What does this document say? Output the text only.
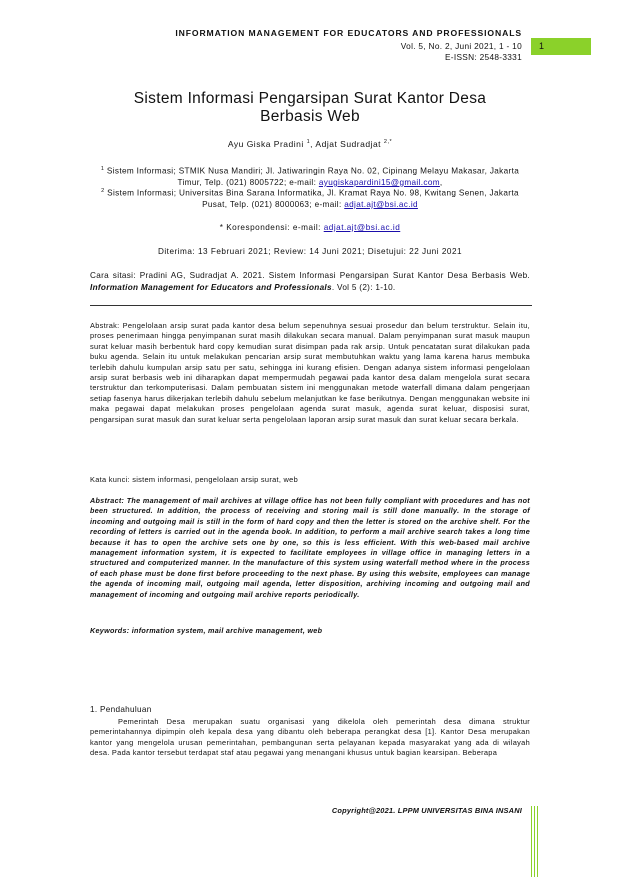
INFORMATION MANAGEMENT FOR EDUCATORS AND PROFESSIONALS
Vol. 5, No. 2, Juni 2021, 1 - 10
E-ISSN: 2548-3331
1
Sistem Informasi Pengarsipan Surat Kantor Desa
Berbasis Web
Ayu Giska Pradini $^1$, Adjat Sudradjat $^{2,*}$
$^1$ Sistem Informasi; STMIK Nusa Mandiri; Jl. Jatiwaringin Raya No. 02, Cipinang Melayu Makasar, Jakarta Timur, Telp. (021) 8005722; e-mail: ayugiskapardini15@gmail.com,
$^2$ Sistem Informasi; Universitas Bina Sarana Informatika, Jl. Kramat Raya No. 98, Kwitang Senen, Jakarta Pusat, Telp. (021) 8000063; e-mail: adjat.ajt@bsi.ac.id
* Korespondensi: e-mail: adjat.ajt@bsi.ac.id
Diterima: 13 Februari 2021; Review: 14 Juni 2021; Disetujui: 22 Juni 2021
Cara sitasi: Pradini AG, Sudradjat A. 2021. Sistem Informasi Pengarsipan Surat Kantor Desa Berbasis Web. Information Management for Educators and Professionals. Vol 5 (2): 1-10.
Abstrak: Pengelolaan arsip surat pada kantor desa belum sepenuhnya sesuai prosedur dan belum terstruktur. Selain itu, proses penerimaan hingga penyimpanan surat masih dilakukan secara manual. Dalam penyimpanan surat masuk maupun surat keluar masih berbentuk hard copy kemudian surat disimpan pada rak arsip. Untuk pencatatan surat dilakukan pada buku agenda. Selain itu untuk melakukan pencarian arsip surat membutuhkan waktu yang lama karena harus membuka terlebih dahulu kumpulan arsip satu per satu, sehingga ini kurang efisien. Dengan adanya sistem informasi pengelolaan arsip surat berbasis web ini diharapkan dapat mempermudah pegawai pada kantor desa dalam mengelola surat secara terstruktur dan terkomputerisasi. Dalam pembuatan sistem ini menggunakan metode waterfall dimana dalam pengerjaan setiap fasenya harus dikerjakan terlebih dahulu sebelum melanjutkan ke fase berikutnya. Dengan menggunakan website ini maka pegawai dapat melakukan proses pengelolaan agenda surat masuk, agenda surat keluar, disposisi surat, pengarsipan surat masuk dan surat keluar serta pengelolaan laporan arsip surat masuk dan surat keluar secara berkala.
Kata kunci: sistem informasi, pengelolaan arsip surat, web
Abstract: The management of mail archives at village office has not been fully compliant with procedures and has not been structured. In addition, the process of receiving and storing mail is still done manually. In the storage of incoming and outgoing mail is still in the form of hard copy and then the letter is stored on the archive shelf. For the recording of letters is carried out in the agenda book. In addition, to perform a mail archive search takes a long time because it has to open the archive sets one by one, so this is less efficient. With this web-based mail archive management information system, it is expected to facilitate employees in village office in managing letters in a structured and computerized manner. In the manufacture of this system using waterfall method where in the process of each phase must be done first before proceeding to the next phase. By using this website, employees can manage the agenda of incoming mail, outgoing mail agenda, letter disposition, archiving incoming and outgoing mail and management of incoming and outgoing mail archive reports periodically.
Keywords: information system, mail archive management, web
1. Pendahuluan
Pemerintah Desa merupakan suatu organisasi yang dikelola oleh pemerintah desa dimana struktur pemerintahannya dipimpin oleh kepala desa yang dibantu oleh beberapa perangkat desa [1]. Kantor Desa merupakan kantor yang mengelola urusan pemerintahan, pembangunan serta pelayanan kepada masyarakat yang ada di wilayah desa. Pada kantor tersebut terdapat staf atau pegawai yang menangani khusus untuk bagian kearsipan. Beberapa
Copyright@2021. LPPM UNIVERSITAS BINA INSANI
